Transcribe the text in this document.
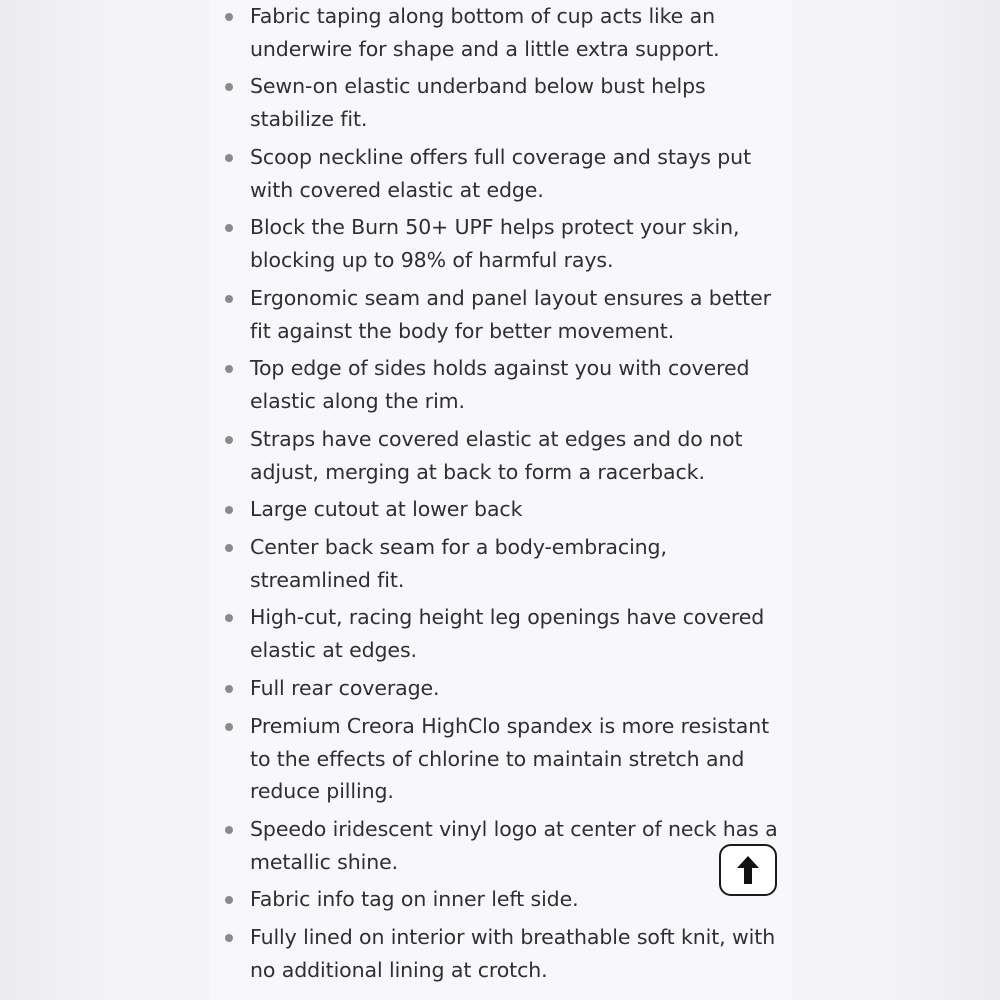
Fabric taping along bottom of cup acts like an underwire for shape and a little extra support.
Sewn-on elastic underband below bust helps stabilize fit.
Scoop neckline offers full coverage and stays put with covered elastic at edge.
Block the Burn 50+ UPF helps protect your skin, blocking up to 98% of harmful rays.
Ergonomic seam and panel layout ensures a better fit against the body for better movement.
Top edge of sides holds against you with covered elastic along the rim.
Straps have covered elastic at edges and do not adjust, merging at back to form a racerback.
Large cutout at lower back
Center back seam for a body-embracing, streamlined fit.
High-cut, racing height leg openings have covered elastic at edges.
Full rear coverage.
Premium Creora HighClo spandex is more resistant to the effects of chlorine to maintain stretch and reduce pilling.
Speedo iridescent vinyl logo at center of neck has a metallic shine.
Fabric info tag on inner left side.
Fully lined on interior with breathable soft knit, with no additional lining at crotch.
